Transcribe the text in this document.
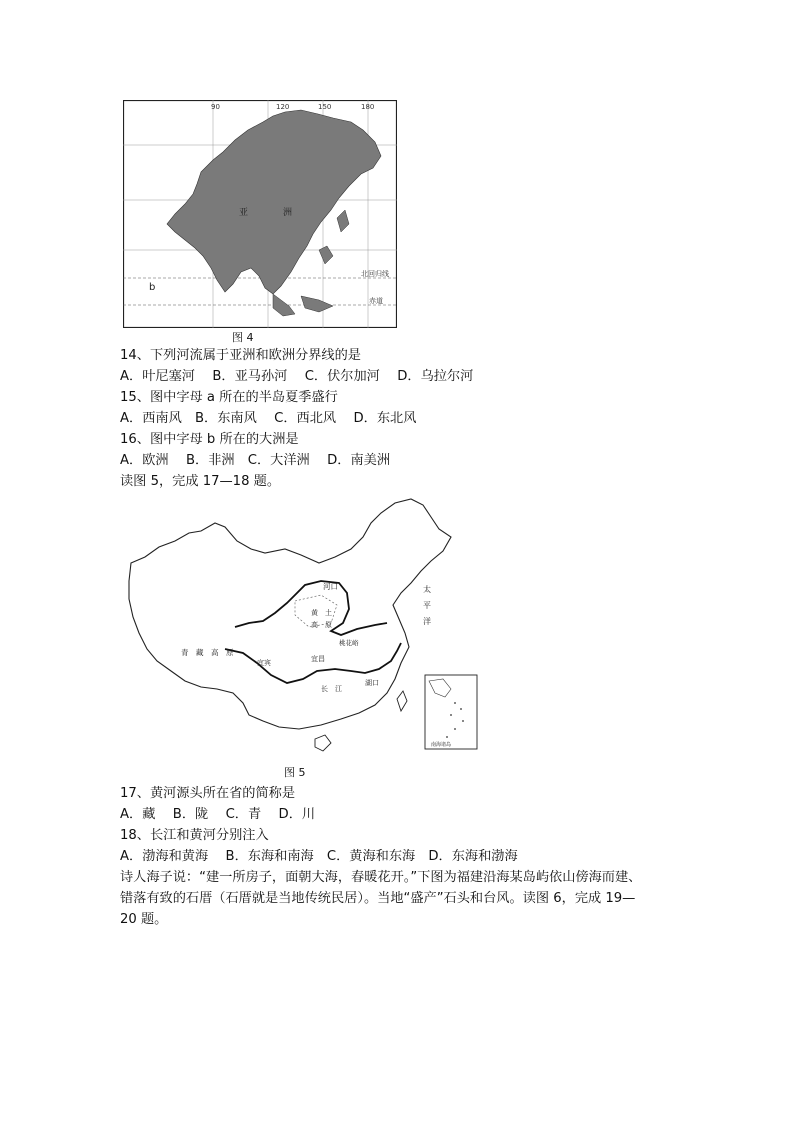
90	120	150	180
亚	洲
b
北回归线
赤道
图 4
14、下列河流属于亚洲和欧洲分界线的是
A．叶尼塞河　 B．亚马孙河　 C．伏尔加河　 D．乌拉尔河
15、图中字母 a 所在的半岛夏季盛行
A．西南风　B．东南风　 C．西北风　 D．东北风
16、图中字母 b 所在的大洲是
A．欧洲　 B．非洲　C．大洋洲　 D．南美洲
读图 5，完成 17—18 题。
青　藏　高　原
河口
黄　土
高　原
桃花峪
宜宾	宜昌
湖口
长　江
太　平　洋
南海诸岛
图 5
17、黄河源头所在省的简称是
A．藏　 B．陇　 C．青　 D．川
18、长江和黄河分别注入
A．渤海和黄海　 B．东海和南海　C．黄海和东海　D．东海和渤海
诗人海子说：“建一所房子，面朝大海，春暖花开。”下图为福建沿海某岛屿依山傍海而建、
错落有致的石厝（石厝就是当地传统民居）。当地“盛产”石头和台风。读图 6，完成 19—
20 题。
